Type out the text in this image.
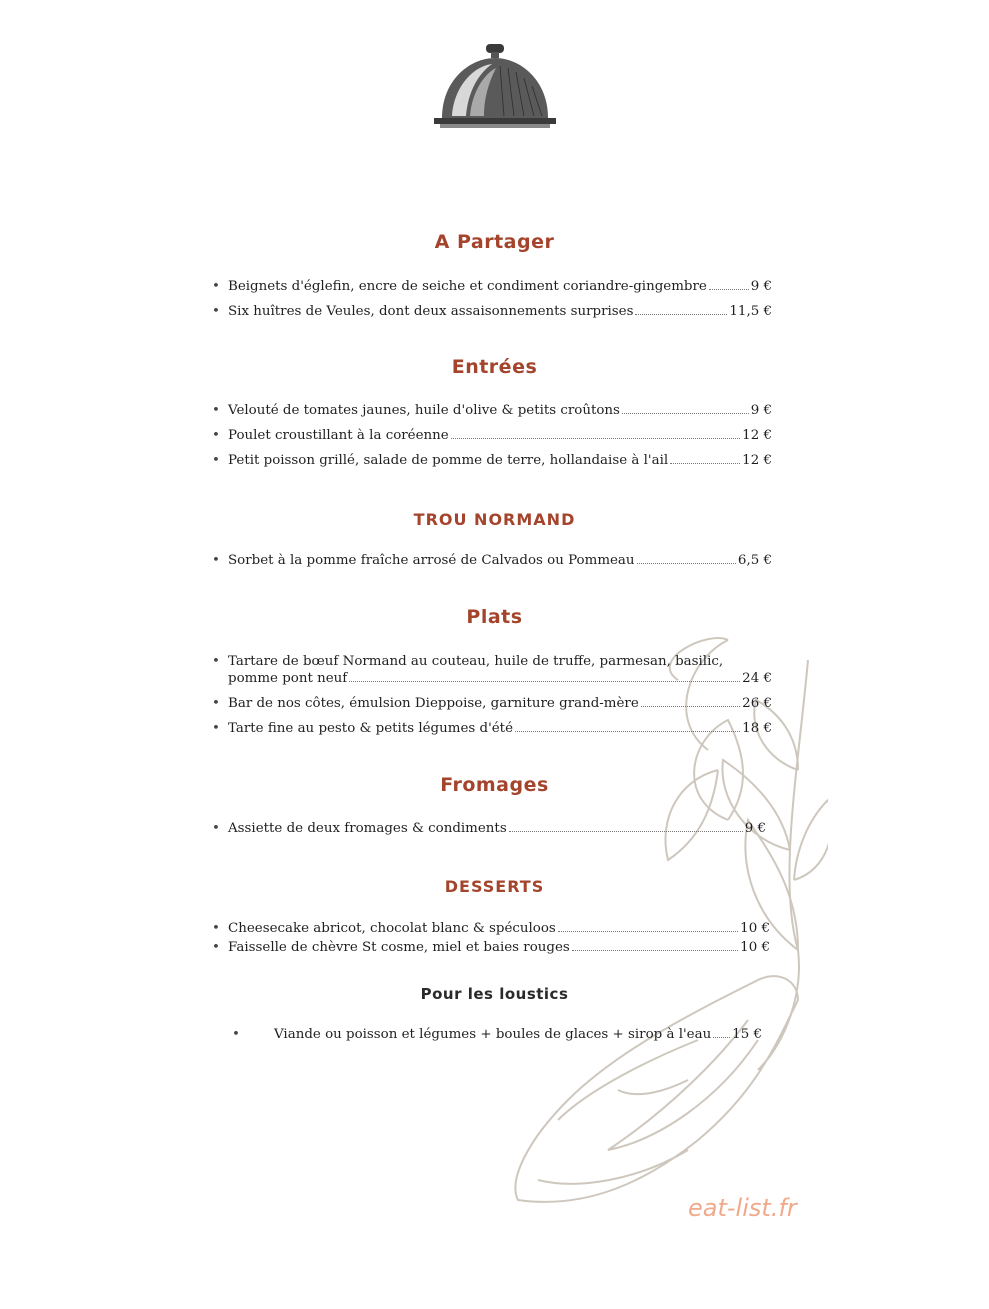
A Partager
• Beignets d'églefin, encre de seiche et condiment coriandre-gingembre	9 €
• Six huîtres de Veules, dont deux assaisonnements surprises	11,5 €
Entrées
• Velouté de tomates jaunes, huile d'olive & petits croûtons	9 €
• Poulet croustillant à la coréenne	12 €
• Petit poisson grillé, salade de pomme de terre, hollandaise à l'ail	12 €
TROU NORMAND
• Sorbet à la pomme fraîche arrosé de Calvados ou Pommeau	6,5 €
Plats
• Tartare de bœuf Normand au couteau, huile de truffe, parmesan, basilic,
pomme pont neuf	24 €
• Bar de nos côtes, émulsion Dieppoise, garniture grand-mère	26 €
• Tarte fine au pesto & petits légumes d'été	18 €
Fromages
• Assiette de deux fromages & condiments	9 €
DESSERTS
• Cheesecake abricot, chocolat blanc & spéculoos	10 €
• Faisselle de chèvre St cosme, miel et baies rouges	10 €
Pour les loustics
•	Viande ou poisson et légumes + boules de glaces + sirop à l'eau 15 €
eat-list.fr
